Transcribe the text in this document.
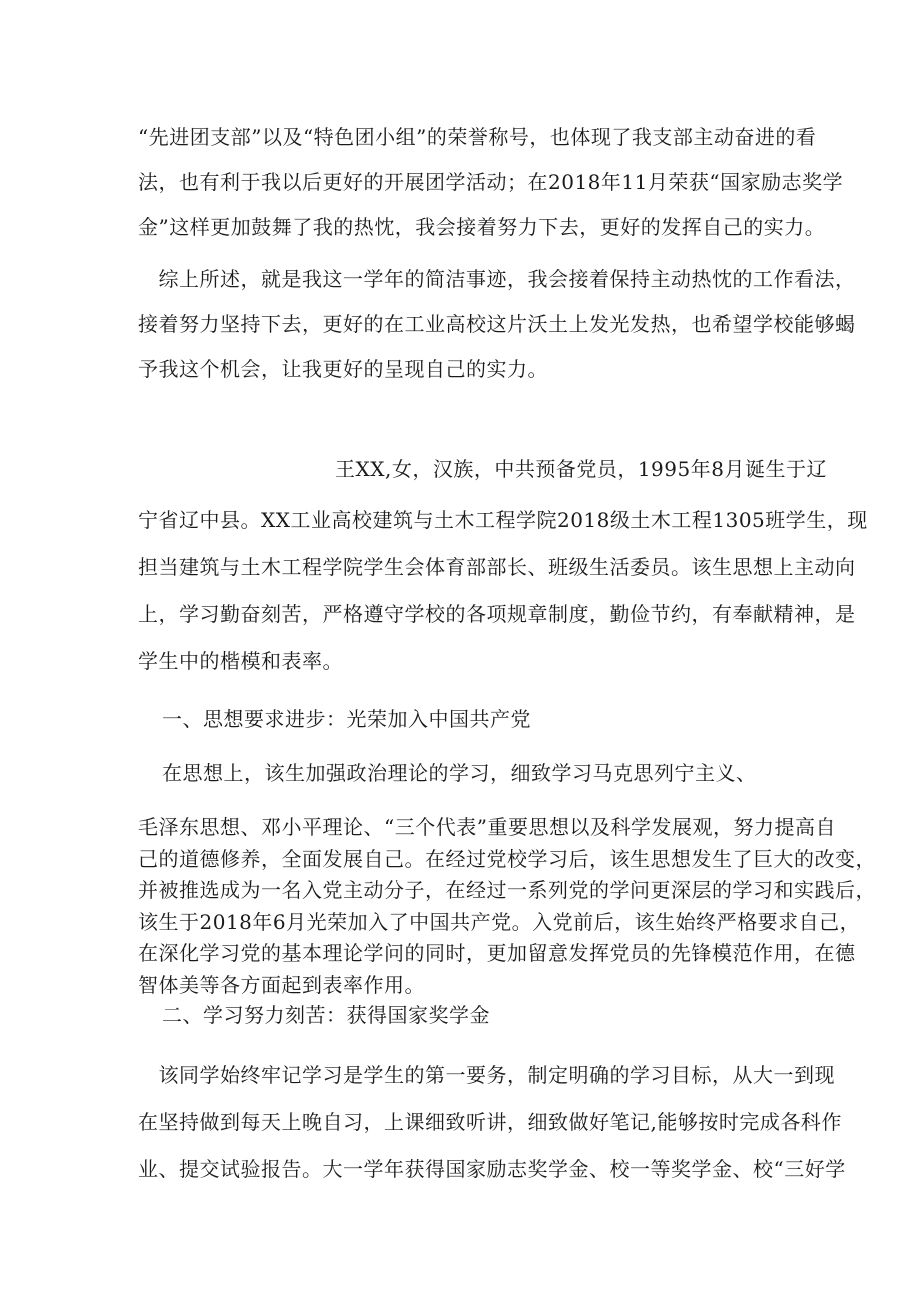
“先进团支部”以及“特色团小组”的荣誉称号，也体现了我支部主动奋进的看
法，也有利于我以后更好的开展团学活动；在2018年11月荣获“国家励志奖学
金”这样更加鼓舞了我的热忱，我会接着努力下去，更好的发挥自己的实力。

　综上所述，就是我这一学年的简洁事迹，我会接着保持主动热忱的工作看法，
接着努力坚持下去，更好的在工业高校这片沃土上发光发热，也希望学校能够蝎
予我这个机会，让我更好的呈现自己的实力。

王XX,女，汉族，中共预备党员，1995年8月诞生于辽

宁省辽中县。XX工业高校建筑与土木工程学院2018级土木工程1305班学生，现
担当建筑与土木工程学院学生会体育部部长、班级生活委员。该生思想上主动向
上，学习勤奋刻苦，严格遵守学校的各项规章制度，勤俭节约，有奉献精神，是
学生中的楷模和表率。

一、思想要求进步：光荣加入中国共产党

在思想上，该生加强政治理论的学习，细致学习马克思列宁主义、

毛泽东思想、邓小平理论、“三个代表”重要思想以及科学发展观，努力提高自
己的道德修养，全面发展自己。在经过党校学习后，该生思想发生了巨大的改变，
并被推选成为一名入党主动分子，在经过一系列党的学问更深层的学习和实践后，
该生于2018年6月光荣加入了中国共产党。入党前后，该生始终严格要求自己，
在深化学习党的基本理论学问的同时，更加留意发挥党员的先锋模范作用，在德
智体美等各方面起到表率作用。

二、学习努力刻苦：获得国家奖学金

　该同学始终牢记学习是学生的第一要务，制定明确的学习目标，从大一到现
在坚持做到每天上晚自习，上课细致听讲，细致做好笔记,能够按时完成各科作
业、提交试验报告。大一学年获得国家励志奖学金、校一等奖学金、校“三好学
